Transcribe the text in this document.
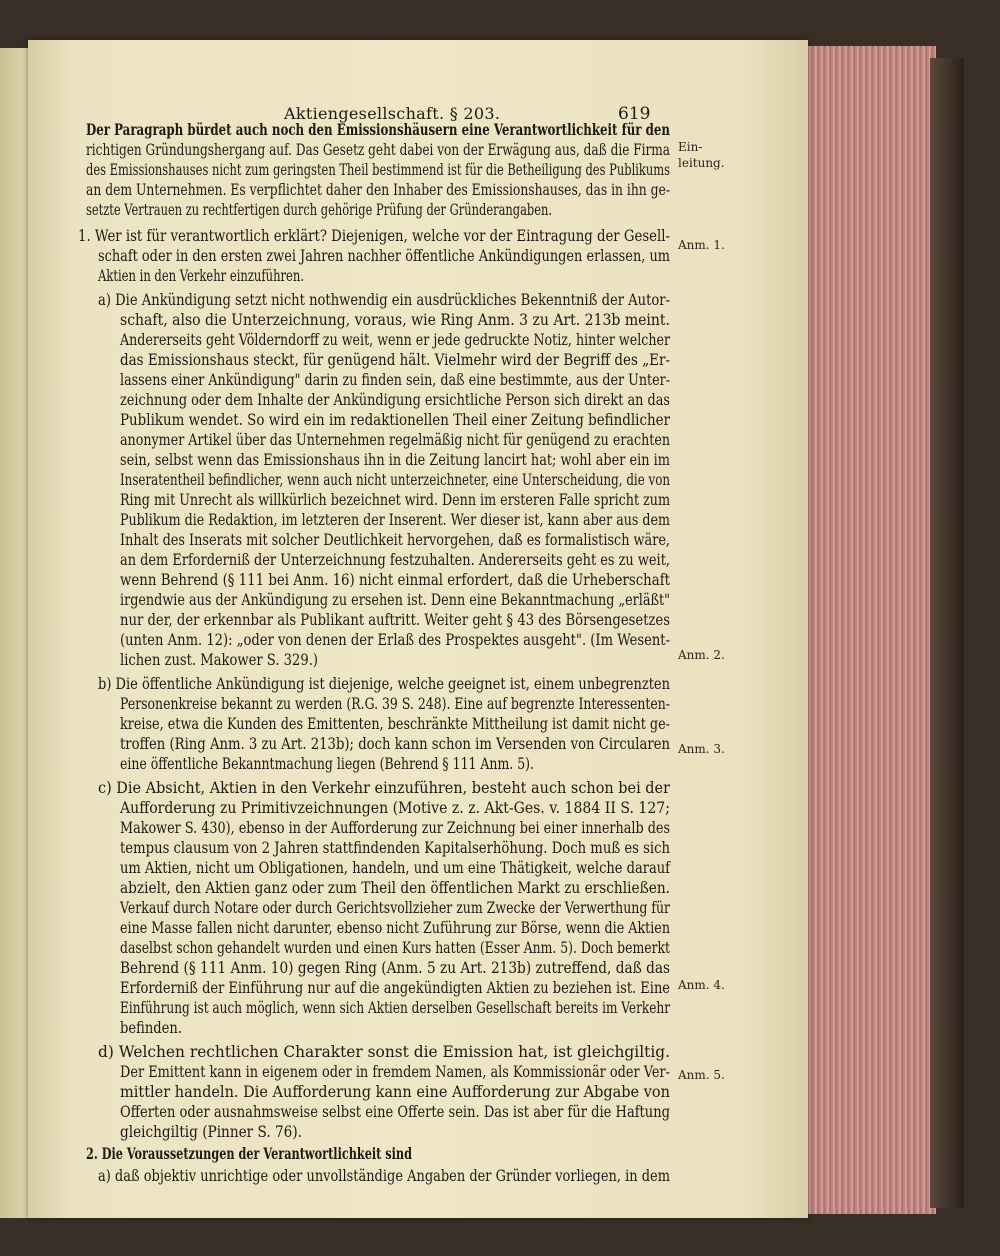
Aktiengesellschaft. § 203.	619
Ein-
leitung.
Anm. 1.
Anm. 2.
Anm. 3.
Anm. 4.
Anm. 5.
Der Paragraph bürdet auch noch den Emissionshäusern eine Verantwortlichkeit für den
richtigen Gründungshergang auf. Das Gesetz geht dabei von der Erwägung aus, daß die Firma
des Emissionshauses nicht zum geringsten Theil bestimmend ist für die Betheiligung des Publikums
an dem Unternehmen. Es verpflichtet daher den Inhaber des Emissionshauses, das in ihn ge-
setzte Vertrauen zu rechtfertigen durch gehörige Prüfung der Gründerangaben.
1. Wer ist für verantwortlich erklärt? Diejenigen, welche vor der Eintragung der Gesell-
schaft oder in den ersten zwei Jahren nachher öffentliche Ankündigungen erlassen, um
Aktien in den Verkehr einzuführen.
a) Die Ankündigung setzt nicht nothwendig ein ausdrückliches Bekenntniß der Autor-
schaft, also die Unterzeichnung, voraus, wie Ring Anm. 3 zu Art. 213b meint.
Andererseits geht Völderndorff zu weit, wenn er jede gedruckte Notiz, hinter welcher
das Emissionshaus steckt, für genügend hält. Vielmehr wird der Begriff des „Er-
lassens einer Ankündigung" darin zu finden sein, daß eine bestimmte, aus der Unter-
zeichnung oder dem Inhalte der Ankündigung ersichtliche Person sich direkt an das
Publikum wendet. So wird ein im redaktionellen Theil einer Zeitung befindlicher
anonymer Artikel über das Unternehmen regelmäßig nicht für genügend zu erachten
sein, selbst wenn das Emissionshaus ihn in die Zeitung lancirt hat; wohl aber ein im
Inseratentheil befindlicher, wenn auch nicht unterzeichneter, eine Unterscheidung, die von
Ring mit Unrecht als willkürlich bezeichnet wird. Denn im ersteren Falle spricht zum
Publikum die Redaktion, im letzteren der Inserent. Wer dieser ist, kann aber aus dem
Inhalt des Inserats mit solcher Deutlichkeit hervorgehen, daß es formalistisch wäre,
an dem Erforderniß der Unterzeichnung festzuhalten. Andererseits geht es zu weit,
wenn Behrend (§ 111 bei Anm. 16) nicht einmal erfordert, daß die Urheberschaft
irgendwie aus der Ankündigung zu ersehen ist. Denn eine Bekanntmachung „erläßt"
nur der, der erkennbar als Publikant auftritt. Weiter geht § 43 des Börsengesetzes
(unten Anm. 12): „oder von denen der Erlaß des Prospektes ausgeht". (Im Wesent-
lichen zust. Makower S. 329.)
b) Die öffentliche Ankündigung ist diejenige, welche geeignet ist, einem unbegrenzten
Personenkreise bekannt zu werden (R.G. 39 S. 248). Eine auf begrenzte Interessenten-
kreise, etwa die Kunden des Emittenten, beschränkte Mittheilung ist damit nicht ge-
troffen (Ring Anm. 3 zu Art. 213b); doch kann schon im Versenden von Circularen
eine öffentliche Bekanntmachung liegen (Behrend § 111 Anm. 5).
c) Die Absicht, Aktien in den Verkehr einzuführen, besteht auch schon bei der
Aufforderung zu Primitivzeichnungen (Motive z. z. Akt-Ges. v. 1884 II S. 127;
Makower S. 430), ebenso in der Aufforderung zur Zeichnung bei einer innerhalb des
tempus clausum von 2 Jahren stattfindenden Kapitalserhöhung. Doch muß es sich
um Aktien, nicht um Obligationen, handeln, und um eine Thätigkeit, welche darauf
abzielt, den Aktien ganz oder zum Theil den öffentlichen Markt zu erschließen.
Verkauf durch Notare oder durch Gerichtsvollzieher zum Zwecke der Verwerthung für
eine Masse fallen nicht darunter, ebenso nicht Zuführung zur Börse, wenn die Aktien
daselbst schon gehandelt wurden und einen Kurs hatten (Esser Anm. 5). Doch bemerkt
Behrend (§ 111 Anm. 10) gegen Ring (Anm. 5 zu Art. 213b) zutreffend, daß das
Erforderniß der Einführung nur auf die angekündigten Aktien zu beziehen ist. Eine
Einführung ist auch möglich, wenn sich Aktien derselben Gesellschaft bereits im Verkehr
befinden.
d) Welchen rechtlichen Charakter sonst die Emission hat, ist gleichgiltig.
Der Emittent kann in eigenem oder in fremdem Namen, als Kommissionär oder Ver-
mittler handeln. Die Aufforderung kann eine Aufforderung zur Abgabe von
Offerten oder ausnahmsweise selbst eine Offerte sein. Das ist aber für die Haftung
gleichgiltig (Pinner S. 76).
2. Die Voraussetzungen der Verantwortlichkeit sind
a) daß objektiv unrichtige oder unvollständige Angaben der Gründer vorliegen, in dem
